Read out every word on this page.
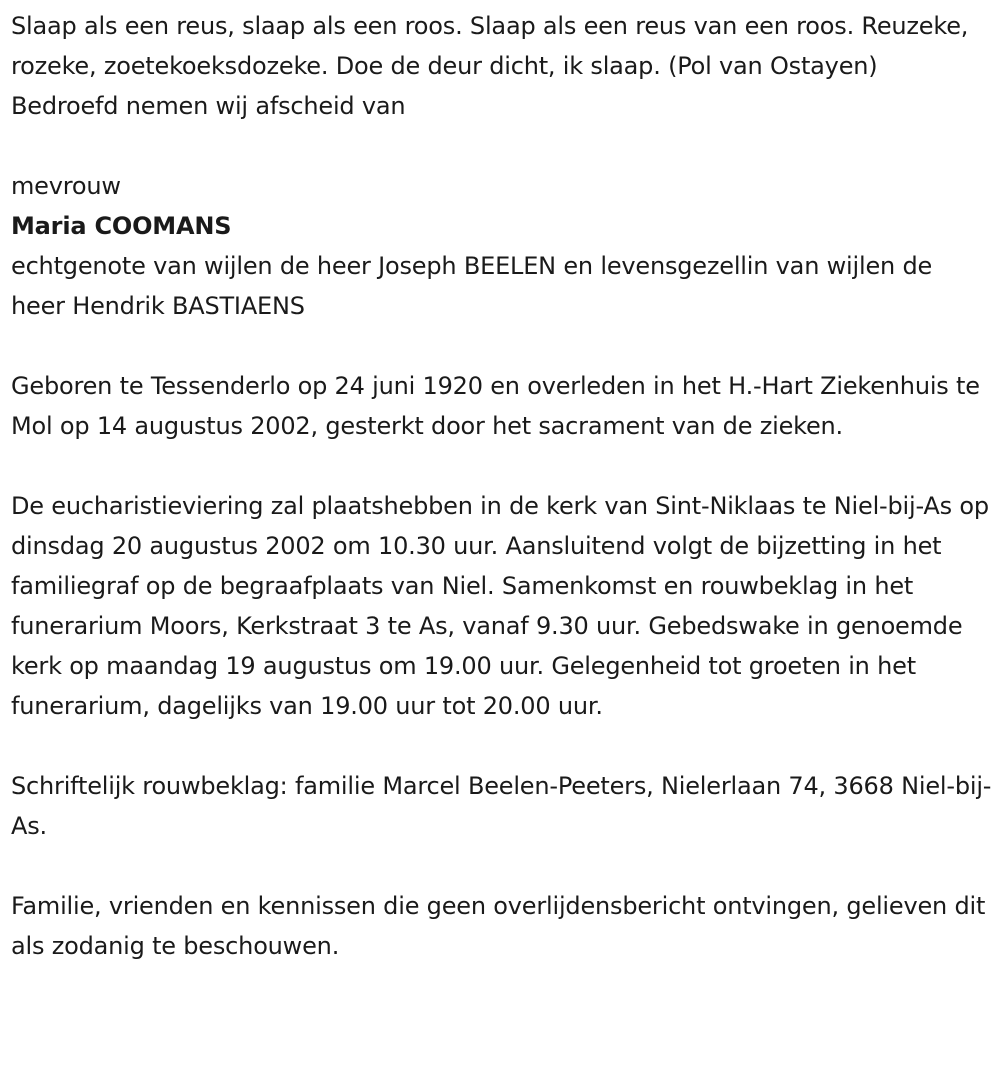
Slaap als een reus, slaap als een roos. Slaap als een reus van een roos. Reuzeke, rozeke, zoetekoeksdozeke. Doe de deur dicht, ik slaap. (Pol van Ostayen) Bedroefd nemen wij afscheid van

mevrouw

Maria COOMANS

echtgenote van wijlen de heer Joseph BEELEN en levensgezellin van wijlen de heer Hendrik BASTIAENS

Geboren te Tessenderlo op 24 juni 1920 en overleden in het H.-Hart Ziekenhuis te Mol op 14 augustus 2002, gesterkt door het sacrament van de zieken.

De eucharistieviering zal plaatshebben in de kerk van Sint-Niklaas te Niel-bij-As op dinsdag 20 augustus 2002 om 10.30 uur. Aansluitend volgt de bijzetting in het familiegraf op de begraafplaats van Niel. Samenkomst en rouwbeklag in het funerarium Moors, Kerkstraat 3 te As, vanaf 9.30 uur. Gebedswake in genoemde kerk op maandag 19 augustus om 19.00 uur. Gelegenheid tot groeten in het funerarium, dagelijks van 19.00 uur tot 20.00 uur.

Schriftelijk rouwbeklag: familie Marcel Beelen-Peeters, Nielerlaan 74, 3668 Niel-bij-As.

Familie, vrienden en kennissen die geen overlijdensbericht ontvingen, gelieven dit als zodanig te beschouwen.
